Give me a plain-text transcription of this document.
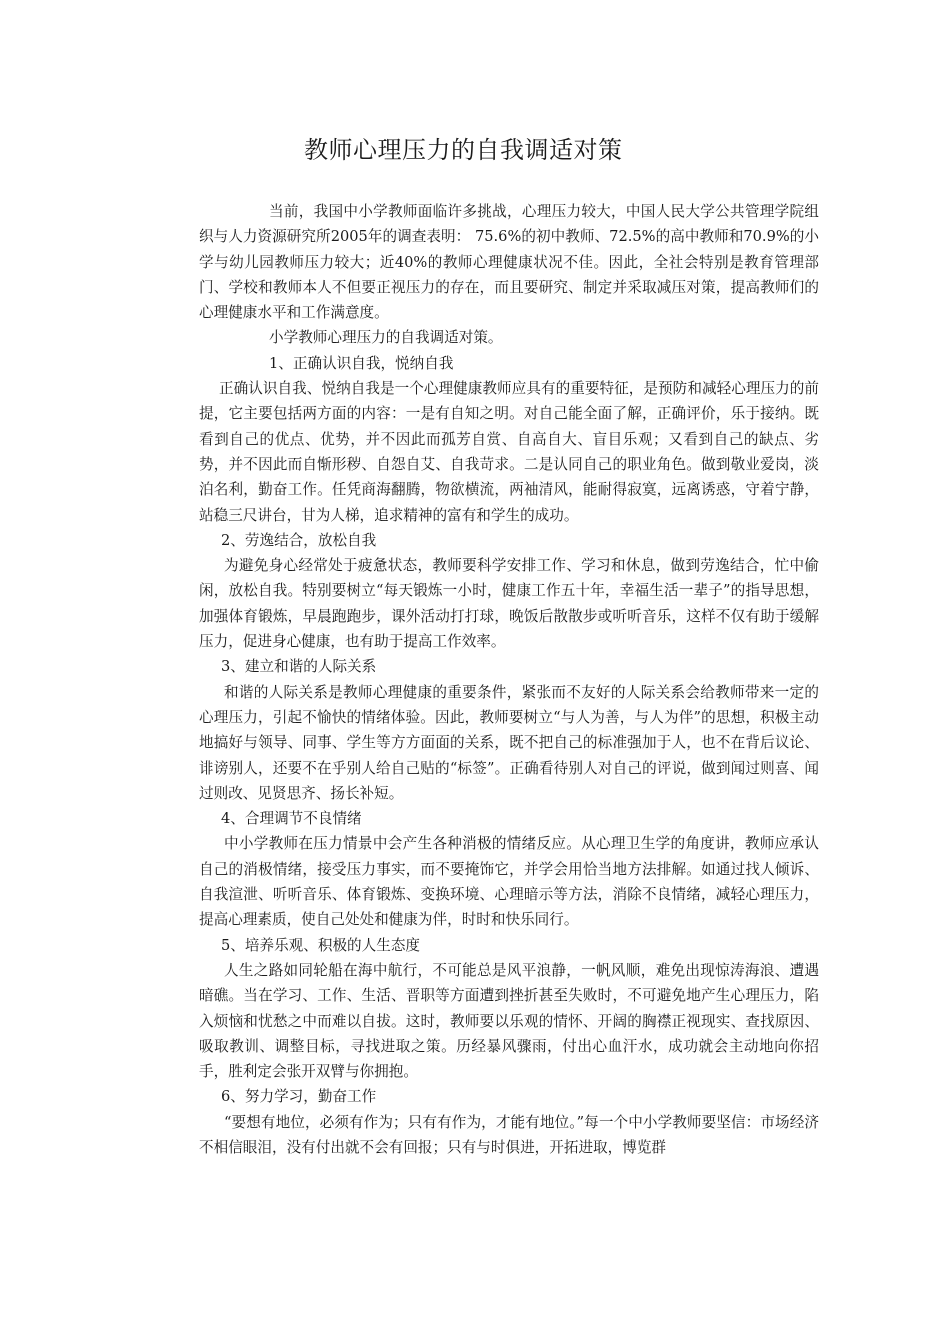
教师心理压力的自我调适对策

当前，我国中小学教师面临许多挑战，心理压力较大，中国人民大学公共管理学院组织与人力资源研究所2005年的调查表明： 75.6%的初中教师、72.5%的高中教师和70.9%的小学与幼儿园教师压力较大；近40%的教师心理健康状况不佳。因此，全社会特别是教育管理部门、学校和教师本人不但要正视压力的存在，而且要研究、制定并采取减压对策，提高教师们的心理健康水平和工作满意度。

小学教师心理压力的自我调适对策。

1、正确认识自我，悦纳自我

正确认识自我、悦纳自我是一个心理健康教师应具有的重要特征，是预防和减轻心理压力的前提，它主要包括两方面的内容：一是有自知之明。对自己能全面了解，正确评价，乐于接纳。既看到自己的优点、优势，并不因此而孤芳自赏、自高自大、盲目乐观；又看到自己的缺点、劣势，并不因此而自惭形秽、自怨自艾、自我苛求。二是认同自己的职业角色。做到敬业爱岗，淡泊名利，勤奋工作。任凭商海翻腾，物欲横流，两袖清风，能耐得寂寞，远离诱惑，守着宁静，站稳三尺讲台，甘为人梯，追求精神的富有和学生的成功。

2、劳逸结合，放松自我

为避免身心经常处于疲惫状态，教师要科学安排工作、学习和休息，做到劳逸结合，忙中偷闲，放松自我。特别要树立“每天锻炼一小时，健康工作五十年，幸福生活一辈子”的指导思想，加强体育锻炼，早晨跑跑步，课外活动打打球，晚饭后散散步或听听音乐，这样不仅有助于缓解压力，促进身心健康，也有助于提高工作效率。

3、建立和谐的人际关系

和谐的人际关系是教师心理健康的重要条件，紧张而不友好的人际关系会给教师带来一定的心理压力，引起不愉快的情绪体验。因此，教师要树立“与人为善，与人为伴”的思想，积极主动地搞好与领导、同事、学生等方方面面的关系，既不把自己的标准强加于人，也不在背后议论、诽谤别人，还要不在乎别人给自己贴的“标签”。正确看待别人对自己的评说，做到闻过则喜、闻过则改、见贤思齐、扬长补短。

4、合理调节不良情绪

中小学教师在压力情景中会产生各种消极的情绪反应。从心理卫生学的角度讲，教师应承认自己的消极情绪，接受压力事实，而不要掩饰它，并学会用恰当地方法排解。如通过找人倾诉、自我渲泄、听听音乐、体育锻炼、变换环境、心理暗示等方法，消除不良情绪，减轻心理压力，提高心理素质，使自己处处和健康为伴，时时和快乐同行。

5、培养乐观、积极的人生态度

人生之路如同轮船在海中航行，不可能总是风平浪静，一帆风顺，难免出现惊涛海浪、遭遇暗礁。当在学习、工作、生活、晋职等方面遭到挫折甚至失败时，不可避免地产生心理压力，陷入烦恼和忧愁之中而难以自拔。这时，教师要以乐观的情怀、开阔的胸襟正视现实、查找原因、吸取教训、调整目标，寻找进取之策。历经暴风骤雨，付出心血汗水，成功就会主动地向你招手，胜利定会张开双臂与你拥抱。

6、努力学习，勤奋工作

“要想有地位，必须有作为；只有有作为，才能有地位。”每一个中小学教师要坚信：市场经济不相信眼泪，没有付出就不会有回报；只有与时俱进，开拓进取，博览群
